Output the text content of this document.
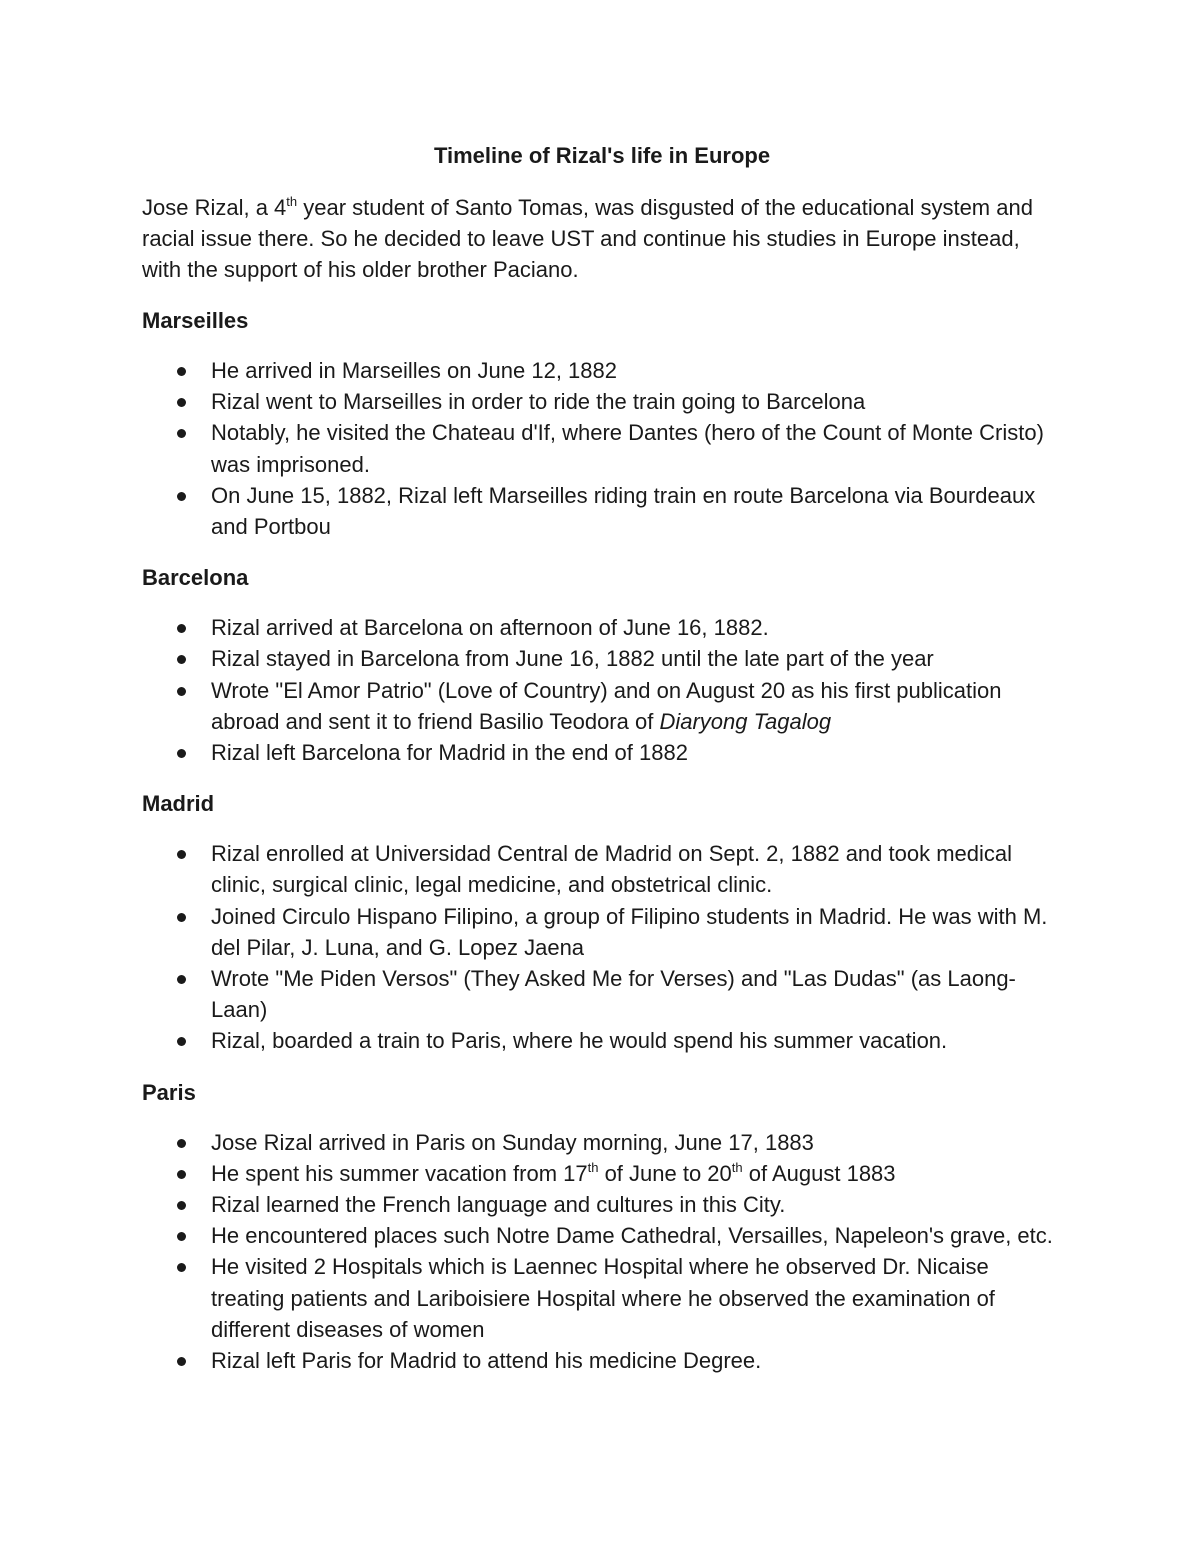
Timeline of Rizal's life in Europe

Jose Rizal, a 4th year student of Santo Tomas, was disgusted of the educational system and racial issue there. So he decided to leave UST and continue his studies in Europe instead, with the support of his older brother Paciano.

Marseilles
He arrived in Marseilles on June 12, 1882
Rizal went to Marseilles in order to ride the train going to Barcelona
Notably, he visited the Chateau d'If, where Dantes (hero of the Count of Monte Cristo) was imprisoned.
On June 15, 1882, Rizal left Marseilles riding train en route Barcelona via Bourdeaux and Portbou
Barcelona
Rizal arrived at Barcelona on afternoon of June 16, 1882.
Rizal stayed in Barcelona from June 16, 1882 until the late part of the year
Wrote "El Amor Patrio" (Love of Country) and on August 20 as his first publication abroad and sent it to friend Basilio Teodora of Diaryong Tagalog
Rizal left Barcelona for Madrid in the end of 1882
Madrid
Rizal enrolled at Universidad Central de Madrid on Sept. 2, 1882 and took medical clinic, surgical clinic, legal medicine, and obstetrical clinic.
Joined Circulo Hispano Filipino, a group of Filipino students in Madrid. He was with M. del Pilar, J. Luna, and G. Lopez Jaena
Wrote "Me Piden Versos" (They Asked Me for Verses) and "Las Dudas" (as Laong-Laan)
Rizal, boarded a train to Paris, where he would spend his summer vacation.
Paris
Jose Rizal arrived in Paris on Sunday morning, June 17, 1883
He spent his summer vacation from 17th of June to 20th of August 1883
Rizal learned the French language and cultures in this City.
He encountered places such Notre Dame Cathedral, Versailles, Napeleon's grave, etc.
He visited 2 Hospitals which is Laennec Hospital where he observed Dr. Nicaise treating patients and Lariboisiere Hospital where he observed the examination of different diseases of women
Rizal left Paris for Madrid to attend his medicine Degree.
